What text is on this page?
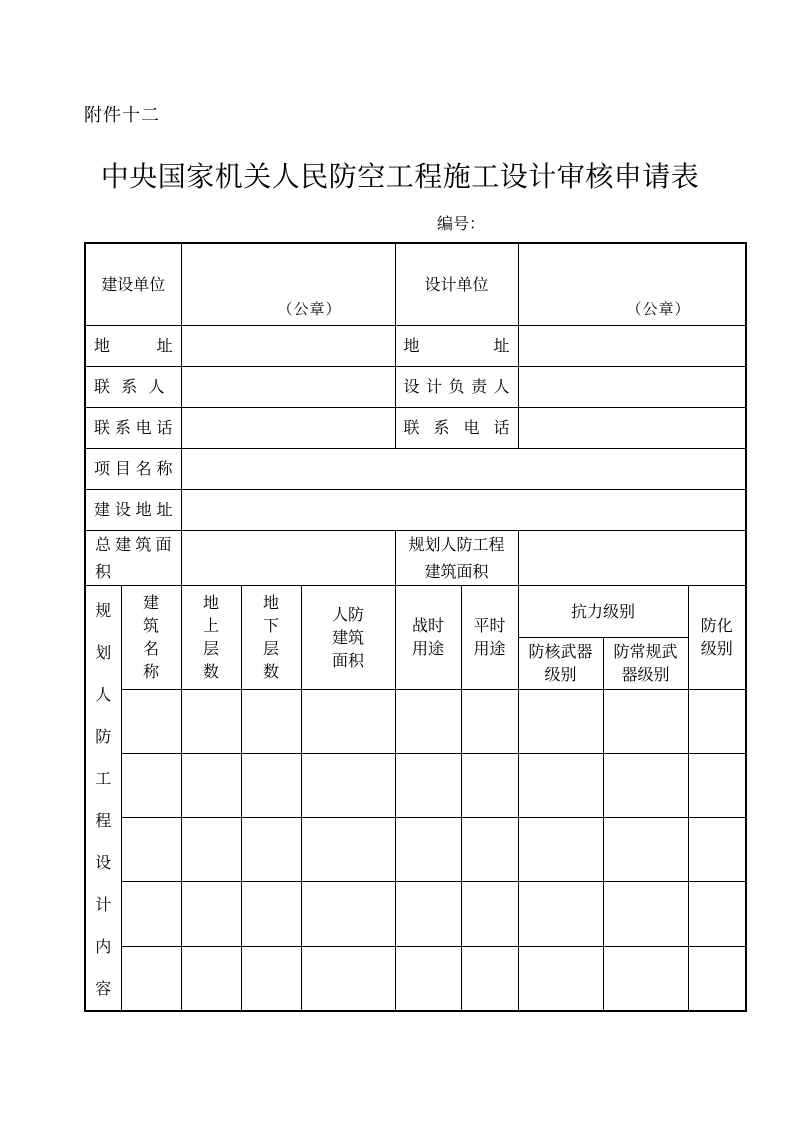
附件十二
中央国家机关人民防空工程施工设计审核申请表
编号：
建设单位		（公章）			设计单位		（公章）		

地址					地址				
联系人					设计负责人				
联系电话					联系电话				
项目名称									
建设地址									
总建筑面积					规划人防工程建筑面积				

规划人防工程设计内容	建筑名称	地上层数	地下层数	人防建筑面积	战时用途	平时用途	抗力级别		防化级别
							防核武器级别	防常规武器级别	
